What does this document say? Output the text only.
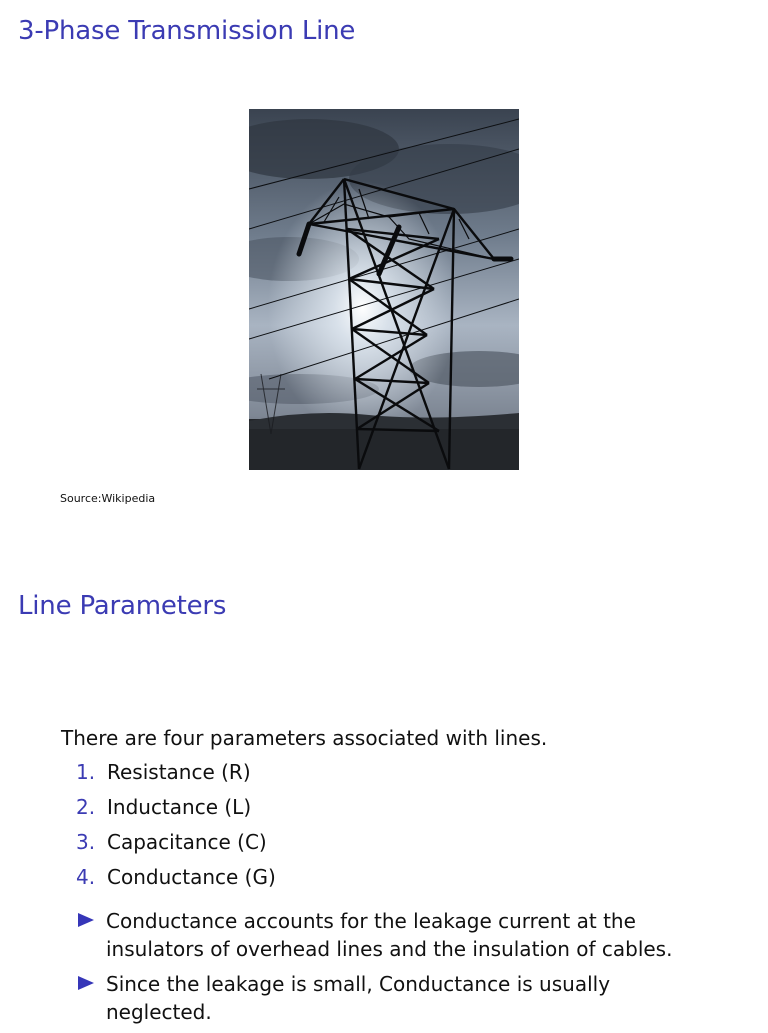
3-Phase Transmission Line
Source:Wikipedia
Line Parameters

There are four parameters associated with lines.

1. Resistance (R)
2. Inductance (L)
3. Capacitance (C)
4. Conductance (G)
Conductance accounts for the leakage current at the insulators of overhead lines and the insulation of cables.
Since the leakage is small, Conductance is usually neglected.
